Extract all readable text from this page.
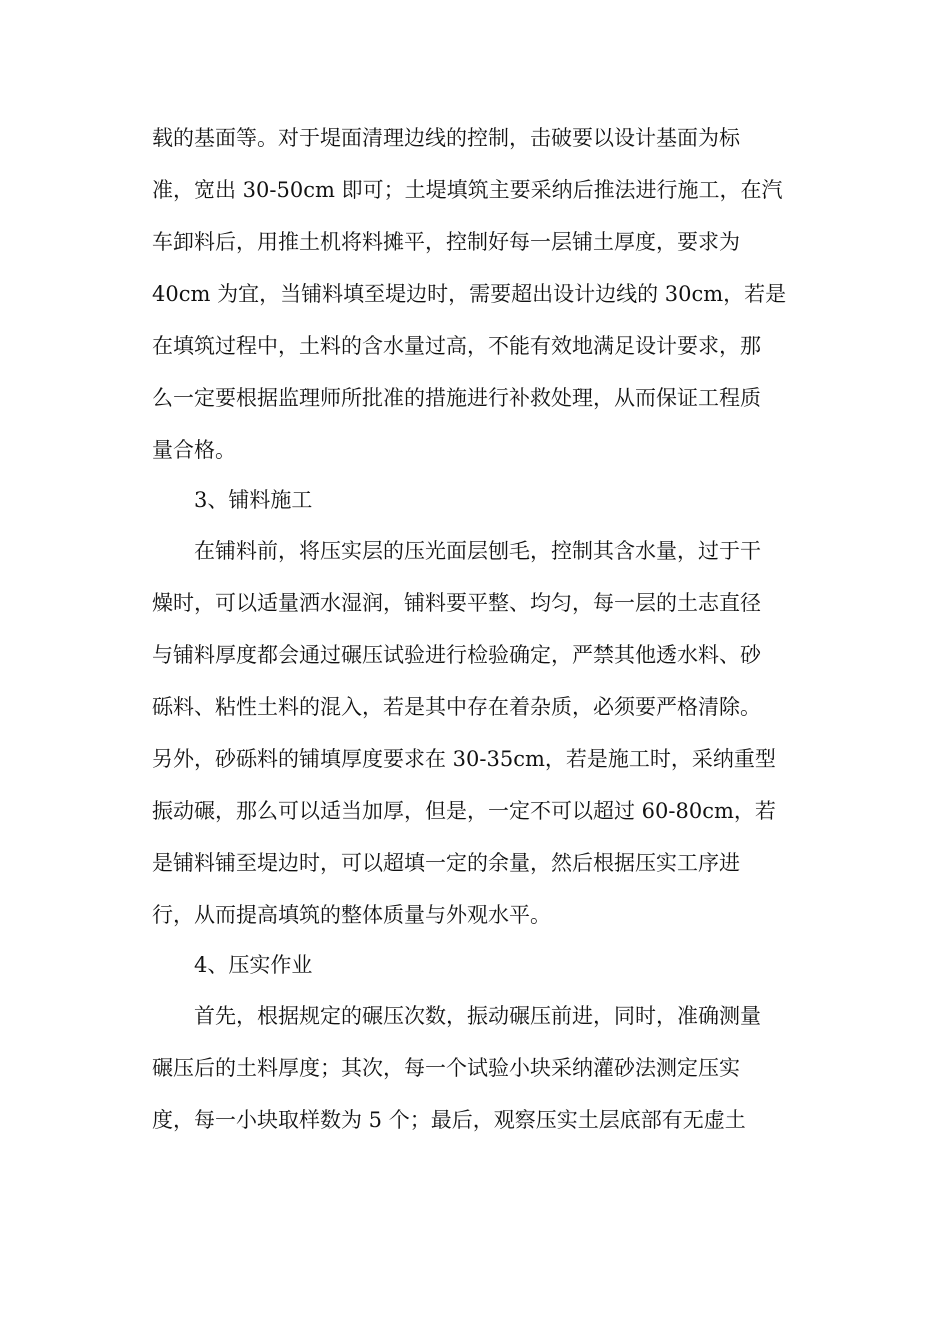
载的基面等。对于堤面清理边线的控制，击破要以设计基面为标
准，宽出 30-50cm 即可；土堤填筑主要采纳后推法进行施工，在汽
车卸料后，用推土机将料摊平，控制好每一层铺土厚度，要求为
40cm 为宜，当铺料填至堤边时，需要超出设计边线的 30cm，若是
在填筑过程中，土料的含水量过高，不能有效地满足设计要求，那
么一定要根据监理师所批准的措施进行补救处理，从而保证工程质
量合格。
3、铺料施工
在铺料前，将压实层的压光面层刨毛，控制其含水量，过于干
燥时，可以适量洒水湿润，铺料要平整、均匀，每一层的土志直径
与铺料厚度都会通过碾压试验进行检验确定，严禁其他透水料、砂
砾料、粘性土料的混入，若是其中存在着杂质，必须要严格清除。
另外，砂砾料的铺填厚度要求在 30-35cm，若是施工时，采纳重型
振动碾，那么可以适当加厚，但是，一定不可以超过 60-80cm，若
是铺料铺至堤边时，可以超填一定的余量，然后根据压实工序进
行，从而提高填筑的整体质量与外观水平。
4、压实作业
首先，根据规定的碾压次数，振动碾压前进，同时，准确测量
碾压后的土料厚度；其次，每一个试验小块采纳灌砂法测定压实
度，每一小块取样数为 5 个；最后，观察压实土层底部有无虚土
